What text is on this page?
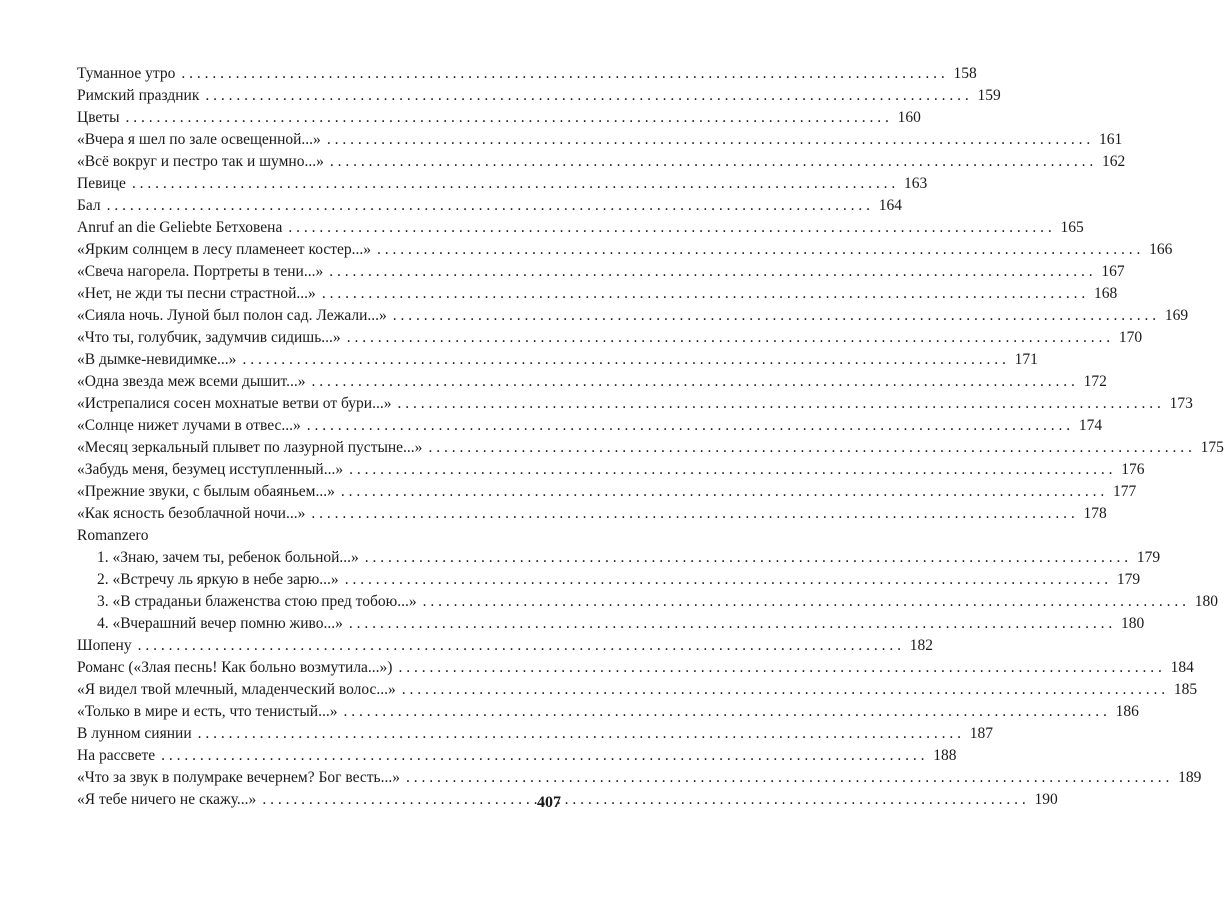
Туманное утро . . .	158
Римский праздник . . .	159
Цветы . . .	160
«Вчера я шел по зале освещенной...» . . .	161
«Всё вокруг и пестро так и шумно...» . . .	162
Певице . . .	163
Бал . . .	164
Anruf an die Geliebte Бетховена . . .	165
«Ярким солнцем в лесу пламенеет костер...» . . .	166
«Свеча нагорела. Портреты в тени...» . . .	167
«Нет, не жди ты песни страстной...» . . .	168
«Сияла ночь. Луной был полон сад. Лежали...» . . .	169
«Что ты, голубчик, задумчив сидишь...» . . .	170
«В дымке-невидимке...» . . .	171
«Одна звезда меж всеми дышит...» . . .	172
«Истрепалися сосен мохнатые ветви от бури...» . . .	173
«Солнце нижет лучами в отвес...» . . .	174
«Месяц зеркальный плывет по лазурной пустыне...» . . .	175
«Забудь меня, безумец исступленный...» . . .	176
«Прежние звуки, с былым обаяньем...» . . .	177
«Как ясность безоблачной ночи...» . . .	178
Romanzero
1. «Знаю, зачем ты, ребенок больной...» . . .	179
2. «Встречу ль яркую в небе зарю...» . . .	179
3. «В страданьи блаженства стою пред тобою...» . . .	180
4. «Вчерашний вечер помню живо...» . . .	180
Шопену . . .	182
Романс («Злая песнь! Как больно возмутила...») . . .	184
«Я видел твой млечный, младенческий волос...» . . .	185
«Только в мире и есть, что тенистый...» . . .	186
В лунном сиянии . . .	187
На рассвете . . .	188
«Что за звук в полумраке вечернем? Бог весть...» . . .	189
«Я тебе ничего не скажу...» . . .	190
407
